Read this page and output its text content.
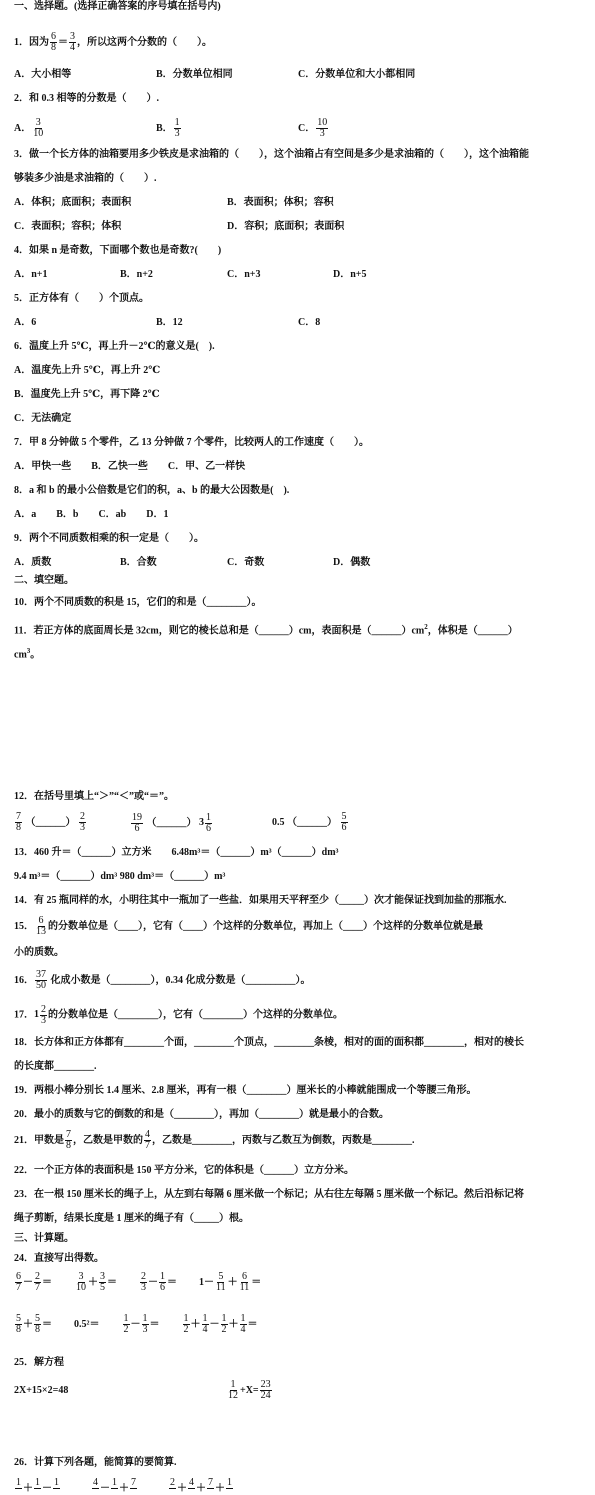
一、选择题。(选择正确答案的序号填在括号内)
1．因为 $\frac{6}{8} = \frac{3}{4}$ ，所以这两个分数的（　　）。
A．大小相等	B．分数单位相同	C．分数单位和大小都相同
2．和 0.3 相等的分数是（　　）.
A． $\frac{3}{10}$	B． $\frac{1}{3}$	C． $\frac{10}{3}$
3．做一个长方体的油箱要用多少铁皮是求油箱的（　　），这个油箱占有空间是多少是求油箱的（　　），这个油箱能
够装多少油是求油箱的（　　）.
A．体积；底面积；表面积	B．表面积；体积；容积
C．表面积；容积；体积	D．容积；底面积；表面积
4．如果 n 是奇数，下面哪个数也是奇数?(　　)
A．n+1	B．n+2	C．n+3	D．n+5
5．正方体有（　　）个顶点。
A．6	B．12	C．8
6．温度上升 5℃，再上升－2℃的意义是(　).
A．温度先上升 5℃，再上升 2℃
B．温度先上升 5℃，再下降 2℃
C．无法确定
7．甲 8 分钟做 5 个零件，乙 13 分钟做 7 个零件，比较两人的工作速度（　　）。
A．甲快一些　　B．乙快一些　　C．甲、乙一样快
8．a 和 b 的最小公倍数是它们的积，a、b 的最大公因数是(　).
A．a　　B．b　　C．ab　　D．1
9．两个不同质数相乘的积一定是（　　）。
A．质数	B．合数	C．奇数	D．偶数
二、填空题。
10．两个不同质数的积是 15，它们的和是（________）。
11．若正方体的底面周长是 32cm，则它的棱长总和是（______）cm，表面积是$(\_\_\_\_\_\_)cm^2$，体积是（______）
$cm^3$。
12．在括号里填上“＞”“＜”或“＝”。
$\frac{7}{8}$ （______） $\frac{2}{3}$	$\frac{19}{6}$ （______） 3 1
6	0.5 （______） $\frac{5}{6}$
13．460 升＝（______）立方米　　6.48m³＝（______）m³（______）dm³
9.4 m³＝（______）dm³ 980 dm³＝（______）m³
14．有 25 瓶同样的水，小明往其中一瓶加了一些盐．如果用天平秤至少（_____）次才能保证找到加盐的那瓶水.
15． $\frac{6}{13}$ 的分数单位是（____），它有（____）个这样的分数单位，再加上（____）个这样的分数单位就是最
小的质数。
16． $\frac{37}{50}$ 化成小数是（________），0.34 化成分数是（__________）。
17． 1 2
3 的分数单位是（________），它有（________）个这样的分数单位。
18．长方体和正方体都有________个面，________个顶点，________条棱，相对的面的面积都________，相对的棱长
的长度都________.
19．两根小棒分别长 1.4 厘米、2.8 厘米，再有一根（________）厘米长的小棒就能围成一个等腰三角形。
20．最小的质数与它的倒数的和是（________），再加（________）就是最小的合数。
21．甲数是 $\frac{7}{8}$ ，乙数是甲数的 $\frac{4}{7}$ ，乙数是________，丙数与乙数互为倒数，丙数是________.
22．一个正方体的表面积是 150 平方分米，它的体积是（______）立方分米。
23．在一根 150 厘米长的绳子上，从左到右每隔 6 厘米做一个标记；从右往左每隔 5 厘米做一个标记。然后沿标记将
绳子剪断，结果长度是 1 厘米的绳子有（_____）根。
三、计算题。
24．直接写出得数。
$\frac{6}{7} - \frac{2}{7} = \frac{3}{10} + \frac{3}{5} = \frac{2}{3} - \frac{1}{6} = 1- \frac{5}{11} + \frac{6}{11}$ ＝
$\frac{5}{8} + \frac{5}{8} = 0.5^2= \frac{1}{2} - \frac{1}{3} = \frac{1}{2} + \frac{1}{4} - \frac{1}{2} + \frac{1}{4}$ ＝
25．解方程
2X+15×2=48	$\frac{1}{12} +X= \frac{23}{24}$
26．计算下列各题，能简算的要简算.
1

＋
1

－
1
	4

－
1

＋
7
	2

＋
4

＋
7

＋
1
